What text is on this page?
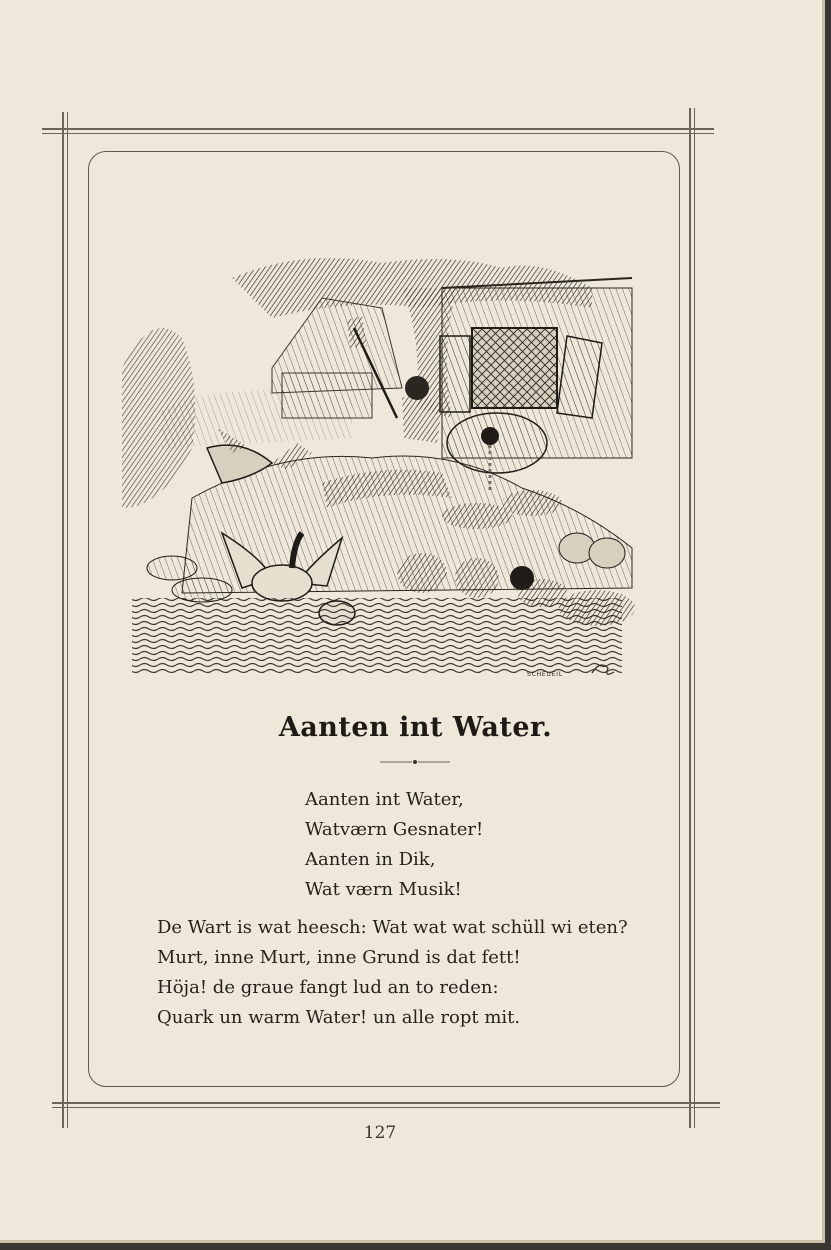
SCHEUEIL
Aanten int Water.
Aanten int Water,
Watværn Gesnater!
Aanten in Dik,
Wat værn Musik!
De Wart is wat heesch: Wat wat wat schüll wi eten?
Murt, inne Murt, inne Grund is dat fett!
Höja! de graue fangt lud an to reden:
Quark un warm Water! un alle ropt mit.
127
